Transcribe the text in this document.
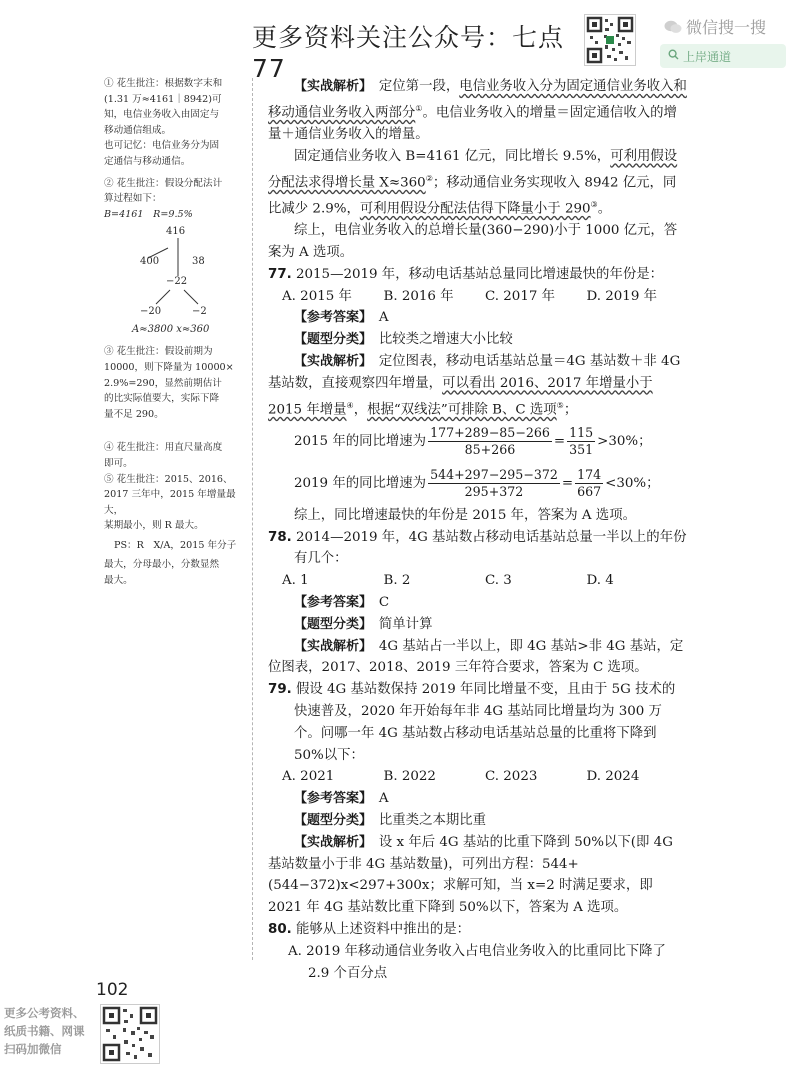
更多资料关注公众号：七点77
微信搜一搜
上岸通道

① 花生批注：根据数字末和

(1.31 万≈4161｜8942)可

知，电信业务收入由固定与

移动通信组成。

也可记忆：电信业务分为固

定通信与移动通信。

② 花生批注：假设分配法计

算过程如下：

B=4161　R=9.5%

416
400	38
−22
−20	−2
A≈3800 x≈360

③ 花生批注：假设前期为

10000，则下降量为 10000×

2.9%=290，显然前期估计

的比实际值要大，实际下降

量不足 290。

④ 花生批注：用直尺量高度

即可。

⑤ 花生批注：2015、2016、

2017 三年中，2015 年增量最大，

某期最小，则 R 最大。

PS：R　X/A，2015 年分子

最大，分母最小，分数显然

最大。

【实战解析】　定位第一段，电信业务收入分为固定通信业务收入和移动通信业务收入两部分①。电信业务收入的增量＝固定通信收入的增量＋通信业务收入的增量。

固定通信业务收入 B=4161 亿元，同比增长 9.5%，可利用假设分配法求得增长量 X≈360②；移动通信业务实现收入 8942 亿元，同比减少 2.9%，可利用假设分配法估得下降量小于 290③。

综上，电信业务收入的总增长量(360−290)小于 1000 亿元，答案为 A 选项。

77. 2015—2019 年，移动电话基站总量同比增速最快的年份是：

A. 2015 年	B. 2016 年	C. 2017 年	D. 2019 年

【参考答案】　 A

【题型分类】　 比较类之增速大小比较

【实战解析】　 定位图表，移动电话基站总量＝4G 基站数＋非 4G 基站数，直接观察四年增量，可以看出 2016、2017 年增量小于 2015 年增量④，根据“双线法”可排除 B、C 选项⑤；

2015 年的同比增速为 $\frac{177+289-85-266}{85+266} = \frac{115}{351} >30\%$；
2019 年的同比增速为 $\frac{544+297-295-372}{295+372} = \frac{174}{667} <30\%$；

综上，同比增速最快的年份是 2015 年，答案为 A 选项。

78. 2014—2019 年，4G 基站数占移动电话基站总量一半以上的年份有几个：

A. 1	B. 2	C. 3	D. 4

【参考答案】　 C

【题型分类】　 简单计算

【实战解析】　 4G 基站占一半以上，即 4G 基站>非 4G 基站，定位图表，2017、2018、2019 三年符合要求，答案为 C 选项。

79. 假设 4G 基站数保持 2019 年同比增量不变，且由于 5G 技术的快速普及，2020 年开始每年非 4G 基站同比增量均为 300 万个。问哪一年 4G 基站数占移动电话基站总量的比重将下降到 50%以下：

A. 2021	B. 2022	C. 2023	D. 2024

【参考答案】　 A

【题型分类】　 比重类之本期比重

【实战解析】　 设 x 年后 4G 基站的比重下降到 50%以下(即 4G 基站数量小于非 4G 基站数量)，可列出方程：544+(544−372)x<297+300x；求解可知，当 x=2 时满足要求，即 2021 年 4G 基站数比重下降到 50%以下，答案为 A 选项。

80. 能够从上述资料中推出的是：

A. 2019 年移动通信业务收入占电信业务收入的比重同比下降了 2.9 个百分点

102
更多公考资料、
纸质书籍、网课
扫码加微信
